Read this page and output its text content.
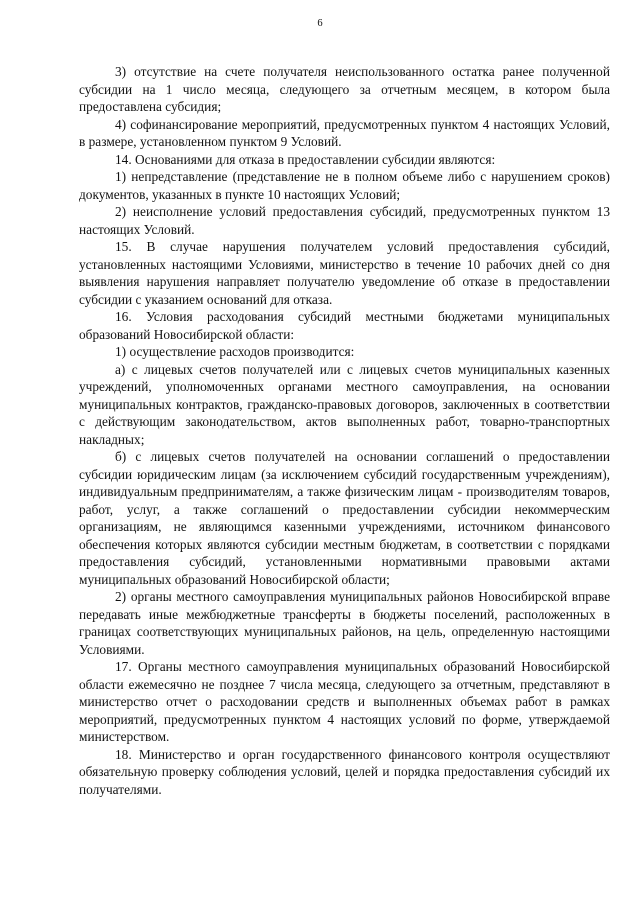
6

3) отсутствие на счете получателя неиспользованного остатка ранее полученной субсидии на 1 число месяца, следующего за отчетным месяцем, в котором была предоставлена субсидия;

4) софинансирование мероприятий, предусмотренных пунктом 4 настоящих Условий, в размере, установленном пунктом 9 Условий.

14. Основаниями для отказа в предоставлении субсидии являются:

1) непредставление (представление не в полном объеме либо с нарушением сроков) документов, указанных в пункте 10 настоящих Условий;

2) неисполнение условий предоставления субсидий, предусмотренных пунктом 13 настоящих Условий.

15. В случае нарушения получателем условий предоставления субсидий, установленных настоящими Условиями, министерство в течение 10 рабочих дней со дня выявления нарушения направляет получателю уведомление об отказе в предоставлении субсидии с указанием оснований для отказа.

16. Условия расходования субсидий местными бюджетами муниципальных образований Новосибирской области:

1) осуществление расходов производится:

а) с лицевых счетов получателей или с лицевых счетов муниципальных казенных учреждений, уполномоченных органами местного самоуправления, на основании муниципальных контрактов, гражданско-правовых договоров, заключенных в соответствии с действующим законодательством, актов выполненных работ, товарно-транспортных накладных;

б) с лицевых счетов получателей на основании соглашений о предоставлении субсидии юридическим лицам (за исключением субсидий государственным учреждениям), индивидуальным предпринимателям, а также физическим лицам - производителям товаров, работ, услуг, а также соглашений о предоставлении субсидии некоммерческим организациям, не являющимся казенными учреждениями, источником финансового обеспечения которых являются субсидии местным бюджетам, в соответствии с порядками предоставления субсидий, установленными нормативными правовыми актами муниципальных образований Новосибирской области;

2) органы местного самоуправления муниципальных районов Новосибирской вправе передавать иные межбюджетные трансферты в бюджеты поселений, расположенных в границах соответствующих муниципальных районов, на цель, определенную настоящими Условиями.

17. Органы местного самоуправления муниципальных образований Новосибирской области ежемесячно не позднее 7 числа месяца, следующего за отчетным, представляют в министерство отчет о расходовании средств и выполненных объемах работ в рамках мероприятий, предусмотренных пунктом 4 настоящих условий по форме, утверждаемой министерством.

18. Министерство и орган государственного финансового контроля осуществляют обязательную проверку соблюдения условий, целей и порядка предоставления субсидий их получателями.
